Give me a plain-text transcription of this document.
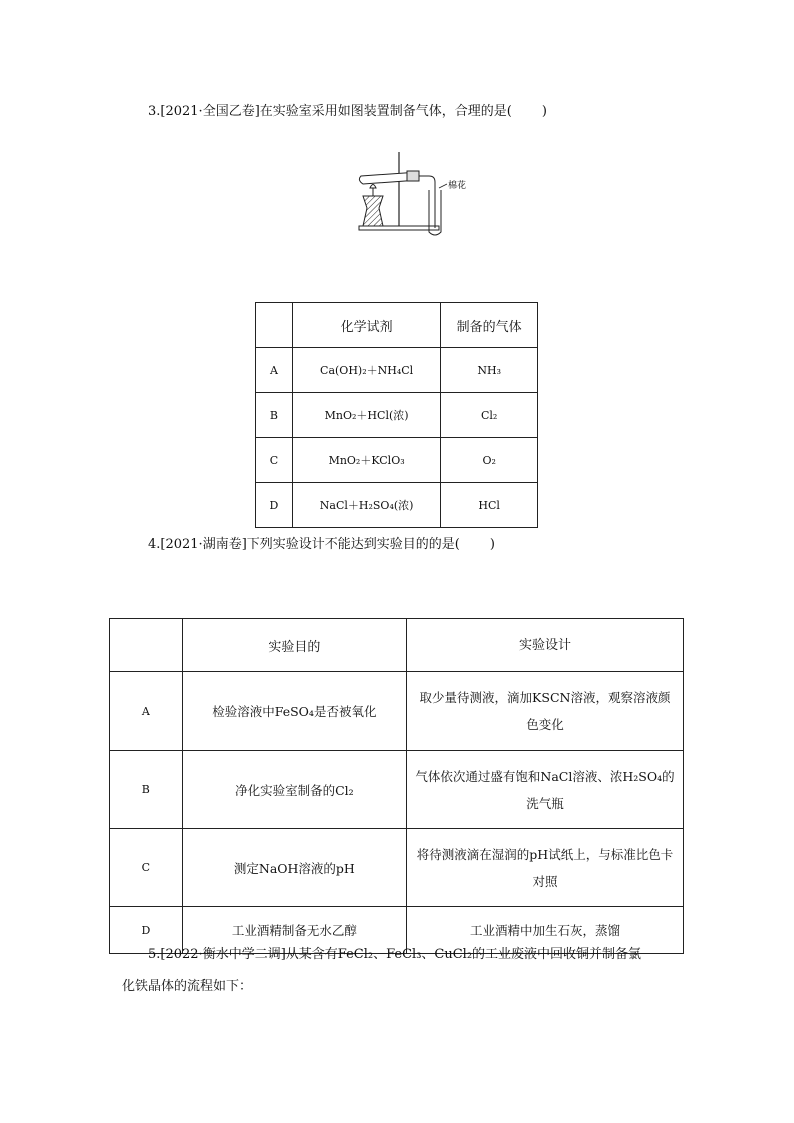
3.[2021·全国乙卷]在实验室采用如图装置制备气体，合理的是( )
棉花
	化学试剂	制备的气体
A	Ca(OH)₂＋NH₄Cl	NH₃
B	MnO₂＋HCl(浓)	Cl₂
C	MnO₂＋KClO₃	O₂
D	NaCl＋H₂SO₄(浓)	HCl
4.[2021·湖南卷]下列实验设计不能达到实验目的的是( )
	实验目的	实验设计
A	检验溶液中FeSO₄是否被氧化	取少量待测液，滴加KSCN溶液，观察溶液颜色变化
B	净化实验室制备的Cl₂	气体依次通过盛有饱和NaCl溶液、浓H₂SO₄的洗气瓶
C	测定NaOH溶液的pH	将待测液滴在湿润的pH试纸上，与标准比色卡对照
D	工业酒精制备无水乙醇	工业酒精中加生石灰，蒸馏
5.[2022·衡水中学二调]从某含有FeCl₂、FeCl₃、CuCl₂的工业废液中回收铜并制备氯
化铁晶体的流程如下：
